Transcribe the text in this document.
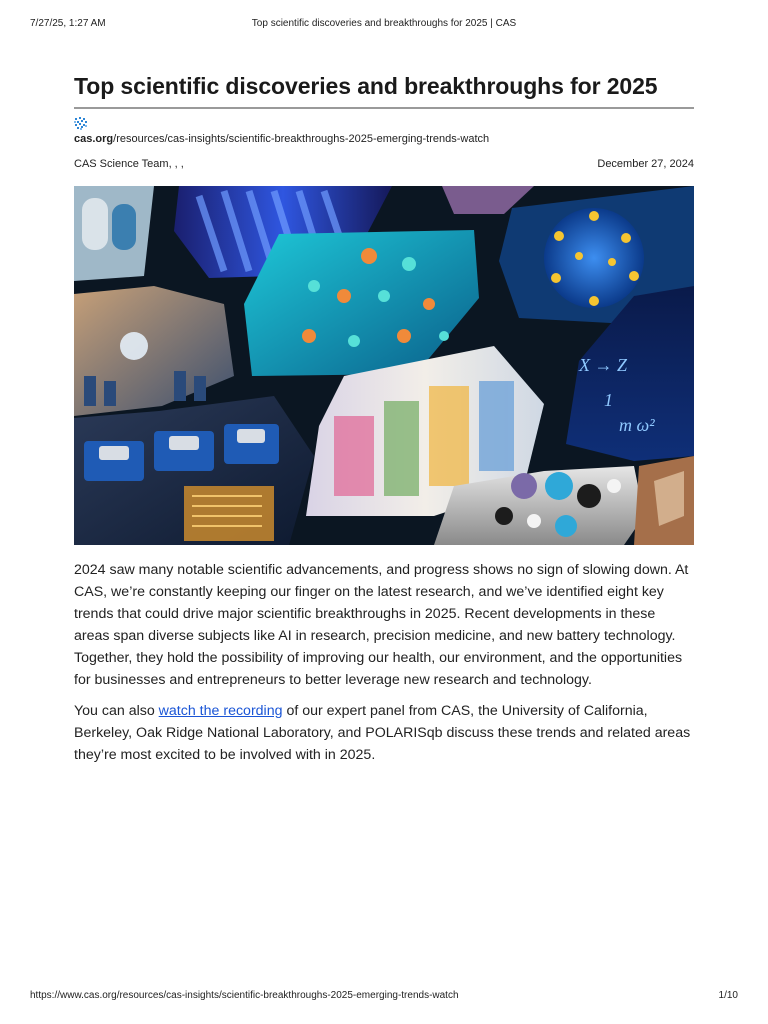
7/27/25, 1:27 AM	Top scientific discoveries and breakthroughs for 2025 | CAS
Top scientific discoveries and breakthroughs for 2025
cas.org/resources/cas-insights/scientific-breakthroughs-2025-emerging-trends-watch
CAS Science Team, , ,	December 27, 2024
X → Z
1
m ω²

2024 saw many notable scientific advancements, and progress shows no sign of slowing down. At CAS, we’re constantly keeping our finger on the latest research, and we’ve identified eight key trends that could drive major scientific breakthroughs in 2025. Recent developments in these areas span diverse subjects like AI in research, precision medicine, and new battery technology. Together, they hold the possibility of improving our health, our environment, and the opportunities for businesses and entrepreneurs to better leverage new research and technology.

You can also watch the recording of our expert panel from CAS, the University of California, Berkeley, Oak Ridge National Laboratory, and POLARISqb discuss these trends and related areas they’re most excited to be involved with in 2025.

https://www.cas.org/resources/cas-insights/scientific-breakthroughs-2025-emerging-trends-watch	1/10
